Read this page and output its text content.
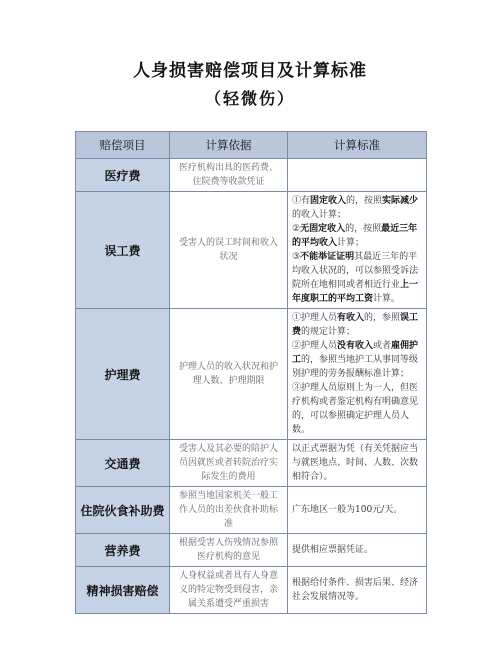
人身损害赔偿项目及计算标准
（轻微伤）
赔偿项目	计算依据	计算标准
医疗费	医疗机构出具的医药费、住院费等收款凭证	
误工费	受害人的误工时间和收入状况	①有固定收入的，按照实际减少的收入计算；
②无固定收入的，按照最近三年的平均收入计算；
③不能举证证明其最近三年的平均收入状况的，可以参照受诉法院所在地相同或者相近行业上一年度职工的平均工资计算。

护理费	护理人员的收入状况和护理人数、护理期限	①护理人员有收入的，参照误工费的规定计算；
②护理人员没有收入或者雇佣护工的，参照当地护工从事同等级别护理的劳务报酬标准计算；
③护理人员原则上为一人，但医疗机构或者鉴定机构有明确意见的，可以参照确定护理人员人数。

交通费	受害人及其必要的陪护人员因就医或者转院治疗实际发生的费用	以正式票据为凭（有关凭据应当与就医地点、时间、人数、次数相符合）。
住院伙食补助费	参照当地国家机关一般工作人员的出差伙食补助标准	广东地区一般为100元/天。
营养费	根据受害人伤残情况参照医疗机构的意见	提供相应票据凭证。
精神损害赔偿	人身权益或者具有人身意义的特定物受到侵害，亲属关系遭受严重损害	根据给付条件、损害后果、经济社会发展情况等。
